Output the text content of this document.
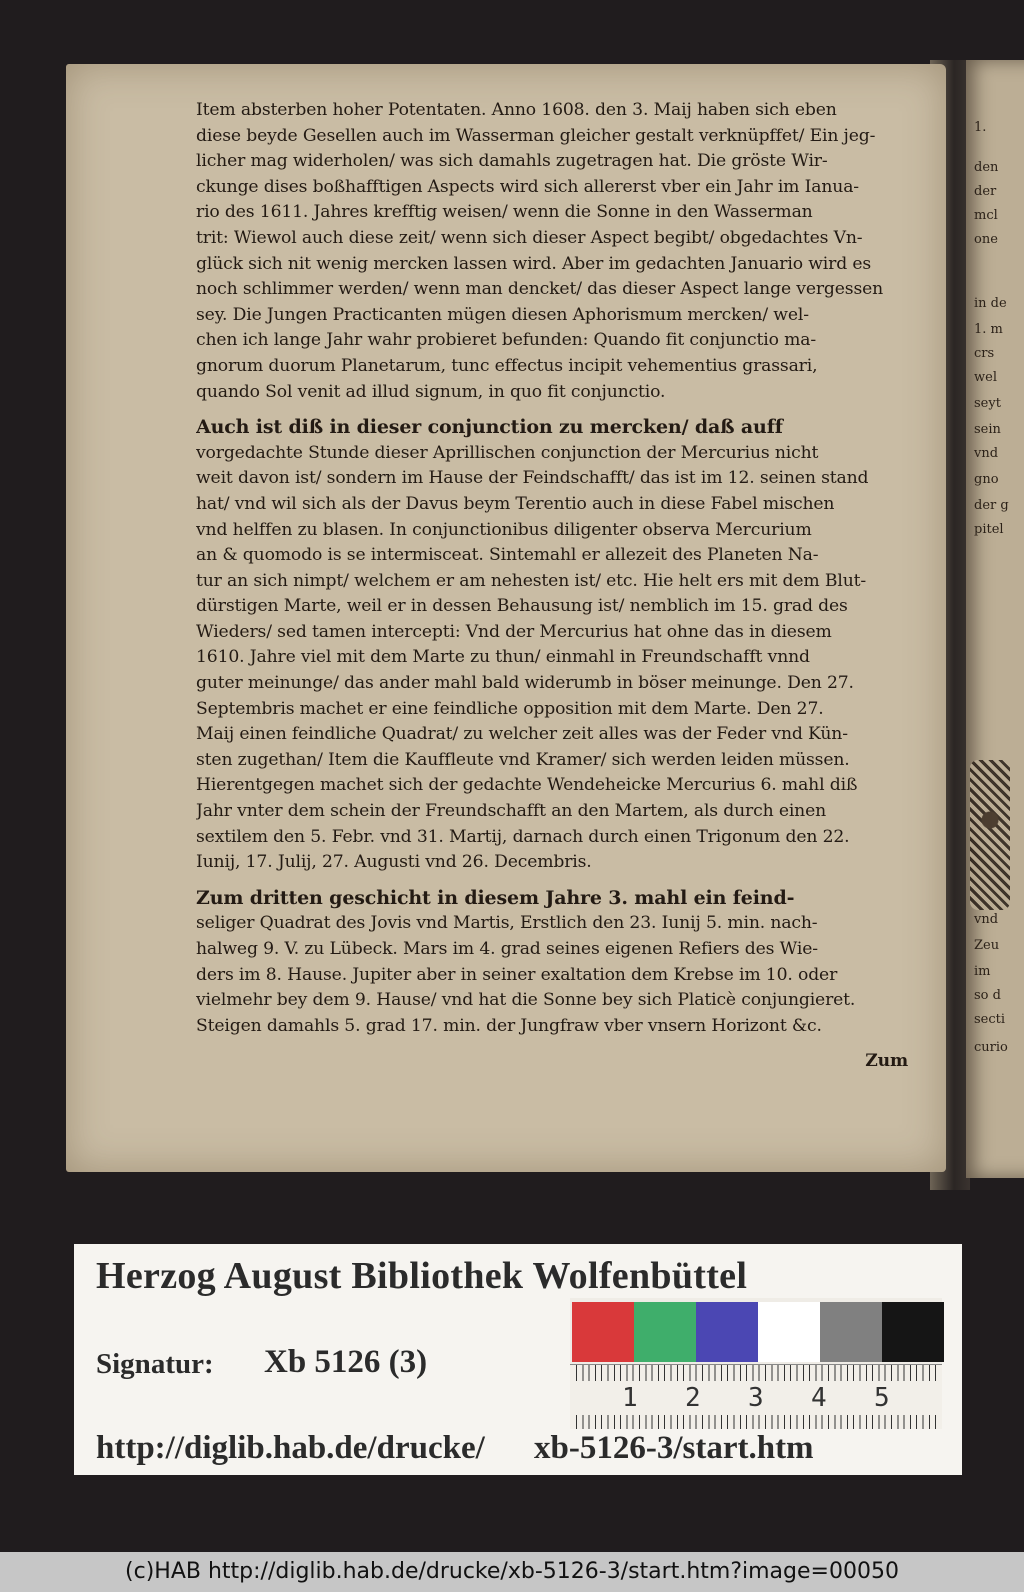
1.
den
der
mcl
one
in de
1. m
crs
wel
seyt
sein
vnd
gno
der g
pitel
vnd
Zeu
im
so d
secti
curio
Item absterben hoher Potentaten. Anno 1608. den 3. Maij haben sich eben
diese beyde Gesellen auch im Wasserman gleicher gestalt verknüpffet/ Ein jeg-
licher mag widerholen/ was sich damahls zugetragen hat. Die gröste Wir-
ckunge dises boßhafftigen Aspects wird sich allererst vber ein Jahr im Ianua-
rio des 1611. Jahres krefftig weisen/ wenn die Sonne in den Wasserman
trit: Wiewol auch diese zeit/ wenn sich dieser Aspect begibt/ obgedachtes Vn-
glück sich nit wenig mercken lassen wird. Aber im gedachten Januario wird es
noch schlimmer werden/ wenn man dencket/ das dieser Aspect lange vergessen
sey. Die Jungen Practicanten mügen diesen Aphorismum mercken/ wel-
chen ich lange Jahr wahr probieret befunden: Quando fit conjunctio ma-
gnorum duorum Planetarum, tunc effectus incipit vehementius grassari,
quando Sol venit ad illud signum, in quo fit conjunctio.
Auch ist diß in dieser conjunction zu mercken/ daß auff
vorgedachte Stunde dieser Aprillischen conjunction der Mercurius nicht
weit davon ist/ sondern im Hause der Feindschafft/ das ist im 12. seinen stand
hat/ vnd wil sich als der Davus beym Terentio auch in diese Fabel mischen
vnd helffen zu blasen. In conjunctionibus diligenter observa Mercurium
an & quomodo is se intermisceat. Sintemahl er allezeit des Planeten Na-
tur an sich nimpt/ welchem er am nehesten ist/ etc. Hie helt ers mit dem Blut-
dürstigen Marte, weil er in dessen Behausung ist/ nemblich im 15. grad des
Wieders/ sed tamen intercepti: Vnd der Mercurius hat ohne das in diesem
1610. Jahre viel mit dem Marte zu thun/ einmahl in Freundschafft vnnd
guter meinunge/ das ander mahl bald widerumb in böser meinunge. Den 27.
Septembris machet er eine feindliche opposition mit dem Marte. Den 27.
Maij einen feindliche Quadrat/ zu welcher zeit alles was der Feder vnd Kün-
sten zugethan/ Item die Kauffleute vnd Kramer/ sich werden leiden müssen.
Hierentgegen machet sich der gedachte Wendeheicke Mercurius 6. mahl diß
Jahr vnter dem schein der Freundschafft an den Martem, als durch einen
sextilem den 5. Febr. vnd 31. Martij, darnach durch einen Trigonum den 22.
Iunij, 17. Julij, 27. Augusti vnd 26. Decembris.
Zum dritten geschicht in diesem Jahre 3. mahl ein feind-
seliger Quadrat des Jovis vnd Martis, Erstlich den 23. Iunij 5. min. nach-
halweg 9. V. zu Lübeck. Mars im 4. grad seines eigenen Refiers des Wie-
ders im 8. Hause. Jupiter aber in seiner exaltation dem Krebse im 10. oder
vielmehr bey dem 9. Hause/ vnd hat die Sonne bey sich Platicè conjungieret.
Steigen damahls 5. grad 17. min. der Jungfraw vber vnsern Horizont &c.
Zum
Herzog August Bibliothek Wolfenbüttel
Signatur: Xb 5126 (3)
http://diglib.hab.de/drucke/ xb-5126-3/start.htm
1 2 3 4 5
(c)HAB http://diglib.hab.de/drucke/xb-5126-3/start.htm?image=00050
